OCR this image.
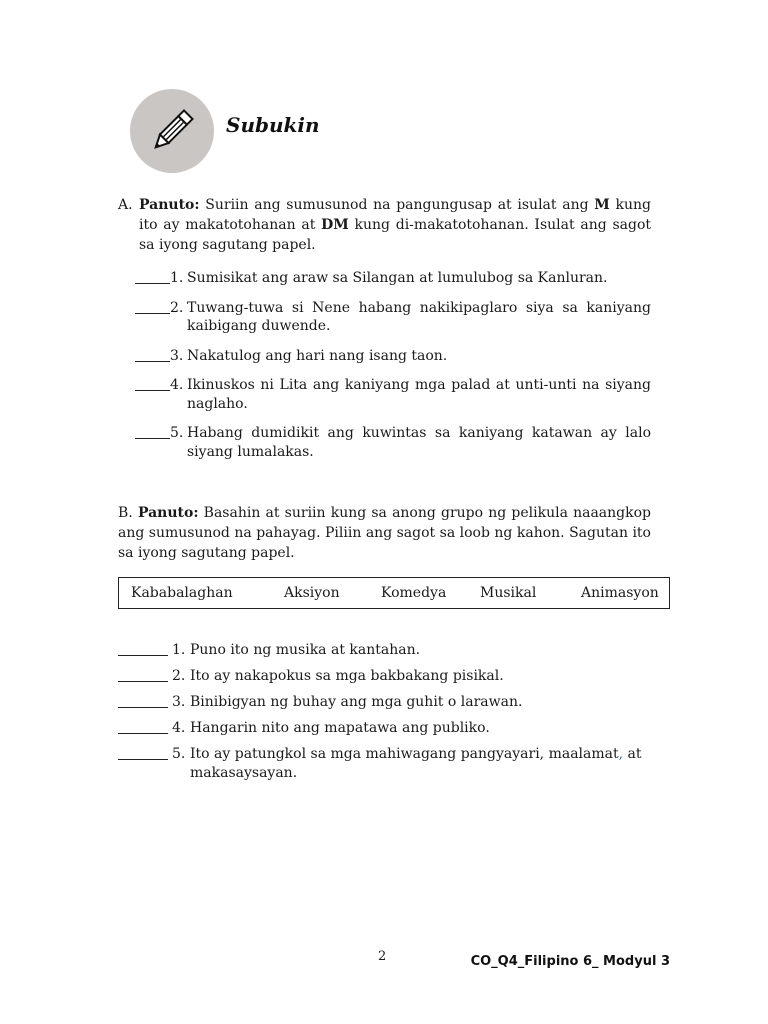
Subukin
A. Panuto: Suriin ang sumusunod na pangungusap at isulat ang M kung ito ay makatotohanan at DM kung di-makatotohanan. Isulat ang sagot sa iyong sagutang papel.
1. Sumisikat ang araw sa Silangan at lumulubog sa Kanluran.
2. Tuwang-tuwa si Nene habang nakikipaglaro siya sa kaniyang kaibigang duwende.
3. Nakatulog ang hari nang isang taon.
4. Ikinuskos ni Lita ang kaniyang mga palad at unti-unti na siyang naglaho.
5. Habang dumidikit ang kuwintas sa kaniyang katawan ay lalo siyang lumalakas.
B. Panuto: Basahin at suriin kung sa anong grupo ng pelikula naaangkop ang sumusunod na pahayag. Piliin ang sagot sa loob ng kahon. Sagutan ito sa iyong sagutang papel.
Kababalaghan	Aksiyon	Komedya Musikal	Animasyon
1. Puno ito ng musika at kantahan.
2. Ito ay nakapokus sa mga bakbakang pisikal.
3. Binibigyan ng buhay ang mga guhit o larawan.
4. Hangarin nito ang mapatawa ang publiko.
5. Ito ay patungkol sa mga mahiwagang pangyayari, maalamat, at makasaysayan.
2	CO_Q4_Filipino 6_ Modyul 3
